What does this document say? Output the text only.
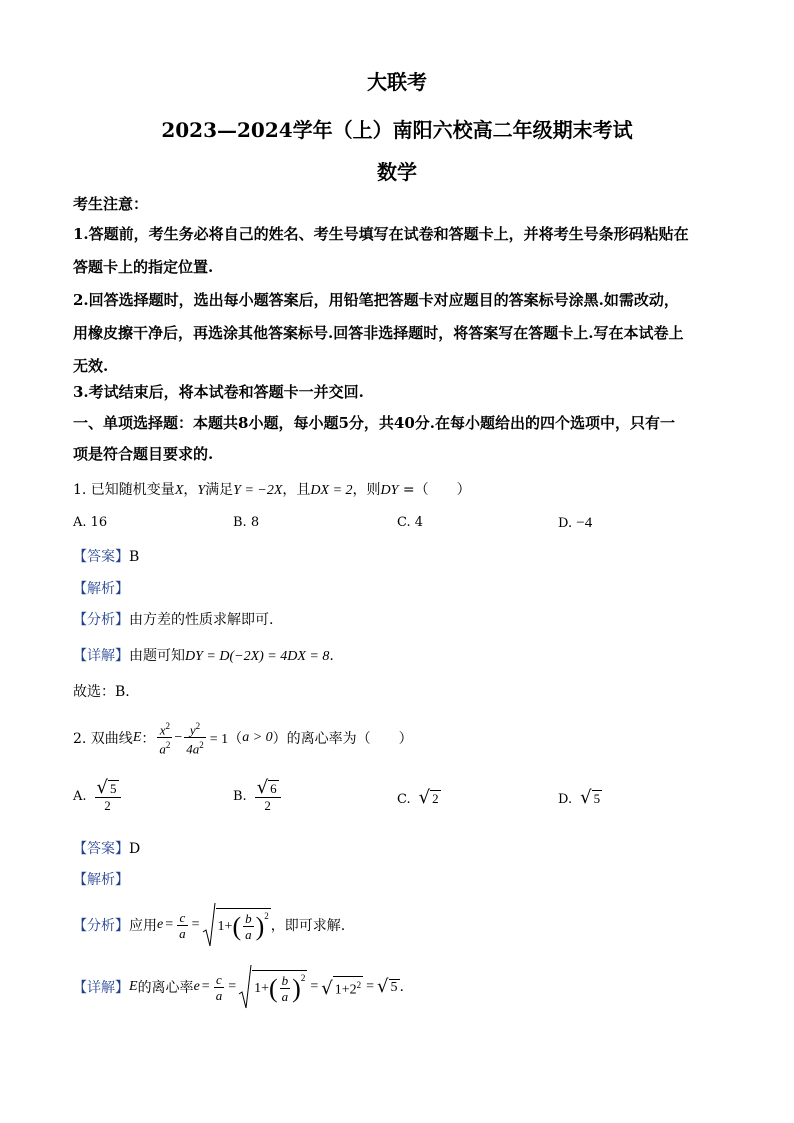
大联考
2023—2024学年（上）南阳六校高二年级期末考试
数学
考生注意：
1.答题前，考生务必将自己的姓名、考生号填写在试卷和答题卡上，并将考生号条形码粘贴在
答题卡上的指定位置.
2.回答选择题时，选出每小题答案后，用铅笔把答题卡对应题目的答案标号涂黑.如需改动，
用橡皮擦干净后，再选涂其他答案标号.回答非选择题时，将答案写在答题卡上.写在本试卷上
无效.
3.考试结束后，将本试卷和答题卡一并交回.
一、单项选择题：本题共8小题，每小题5分，共40分.在每小题给出的四个选项中，只有一
项是符合题目要求的.
1. 已知随机变量X，Y满足Y = −2X，且DX = 2，则DY =（　　）
A. 16	B. 8	C. 4	D. −4
【答案】B
【解析】
【分析】由方差的性质求解即可.
【详解】由题可知DY = D(−2X) = 4DX = 8.
故选：B.
2. 双曲线 E ： $\frac{x^2}{a^2} - \frac{y^2}{4a^2} = 1$（ a > 0 ）的离心率为（　　）
A. $\frac{√ 5}{2}$	B. $\frac{√ 6}{2}$	C. √ 2	D. √ 5
【答案】D
【解析】
【分析】 应用 $e = \frac{c}{a} = 1+$ ( $\frac{b}{a}$ ) 2
，即可求解.
【详解】 E 的离心率 $e = \frac{c}{a} = 1+$ ( $\frac{b}{a}$ ) 2
= √ $1+2^2$ = √ 5 .
